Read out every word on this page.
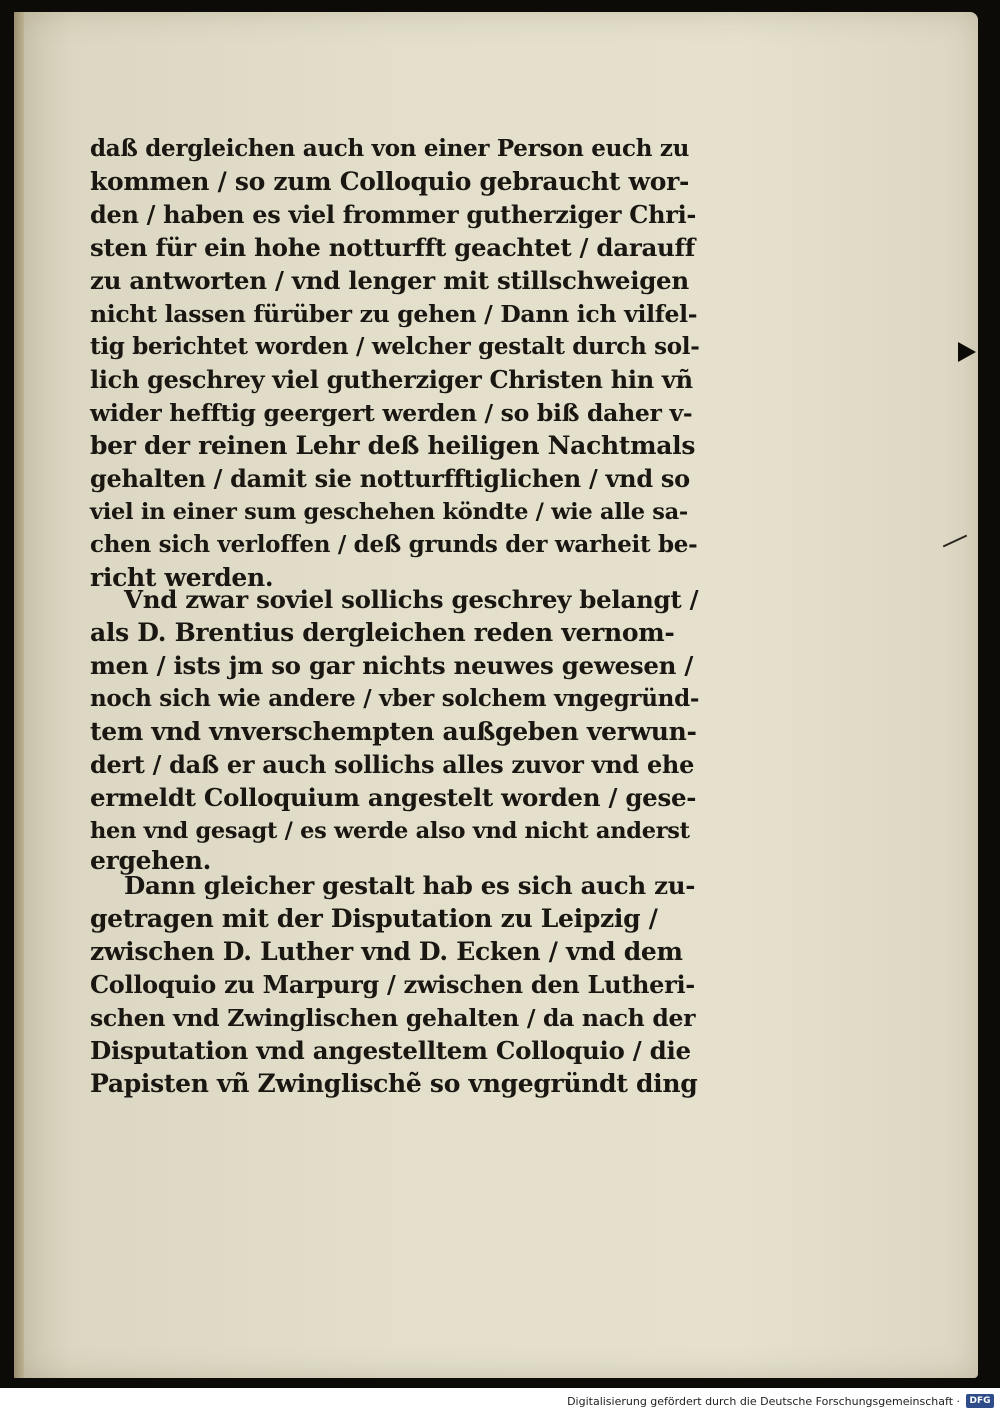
daß dergleichen auch von einer Person euch zu
kommen / so zum Colloquio gebraucht wor-
den / haben es viel frommer gutherziger Chri-
sten für ein hohe notturfft geachtet / darauff
zu antworten / vnd lenger mit stillschweigen
nicht lassen fürüber zu gehen / Dann ich vilfel-
tig berichtet worden / welcher gestalt durch sol-
lich geschrey viel gutherziger Christen hin vñ
wider hefftig geergert werden / so biß daher v-
ber der reinen Lehr deß heiligen Nachtmals
gehalten / damit sie notturfftiglichen / vnd so
viel in einer sum geschehen köndte / wie alle sa-
chen sich verloffen / deß grunds der warheit be-
richt werden.
Vnd zwar soviel sollichs geschrey belangt /
als D. Brentius dergleichen reden vernom-
men / ists jm so gar nichts neuwes gewesen /
noch sich wie andere / vber solchem vngegründ-
tem vnd vnverschempten außgeben verwun-
dert / daß er auch sollichs alles zuvor vnd ehe
ermeldt Colloquium angestelt worden / gese-
hen vnd gesagt / es werde also vnd nicht anderst
ergehen.
Dann gleicher gestalt hab es sich auch zu-
getragen mit der Disputation zu Leipzig /
zwischen D. Luther vnd D. Ecken / vnd dem
Colloquio zu Marpurg / zwischen den Lutheri-
schen vnd Zwinglischen gehalten / da nach der
Disputation vnd angestelltem Colloquio / die
Papisten vñ Zwinglischẽ so vngegründt ding
Digitalisierung gefördert durch die Deutsche Forschungsgemeinschaft ·	DFG
